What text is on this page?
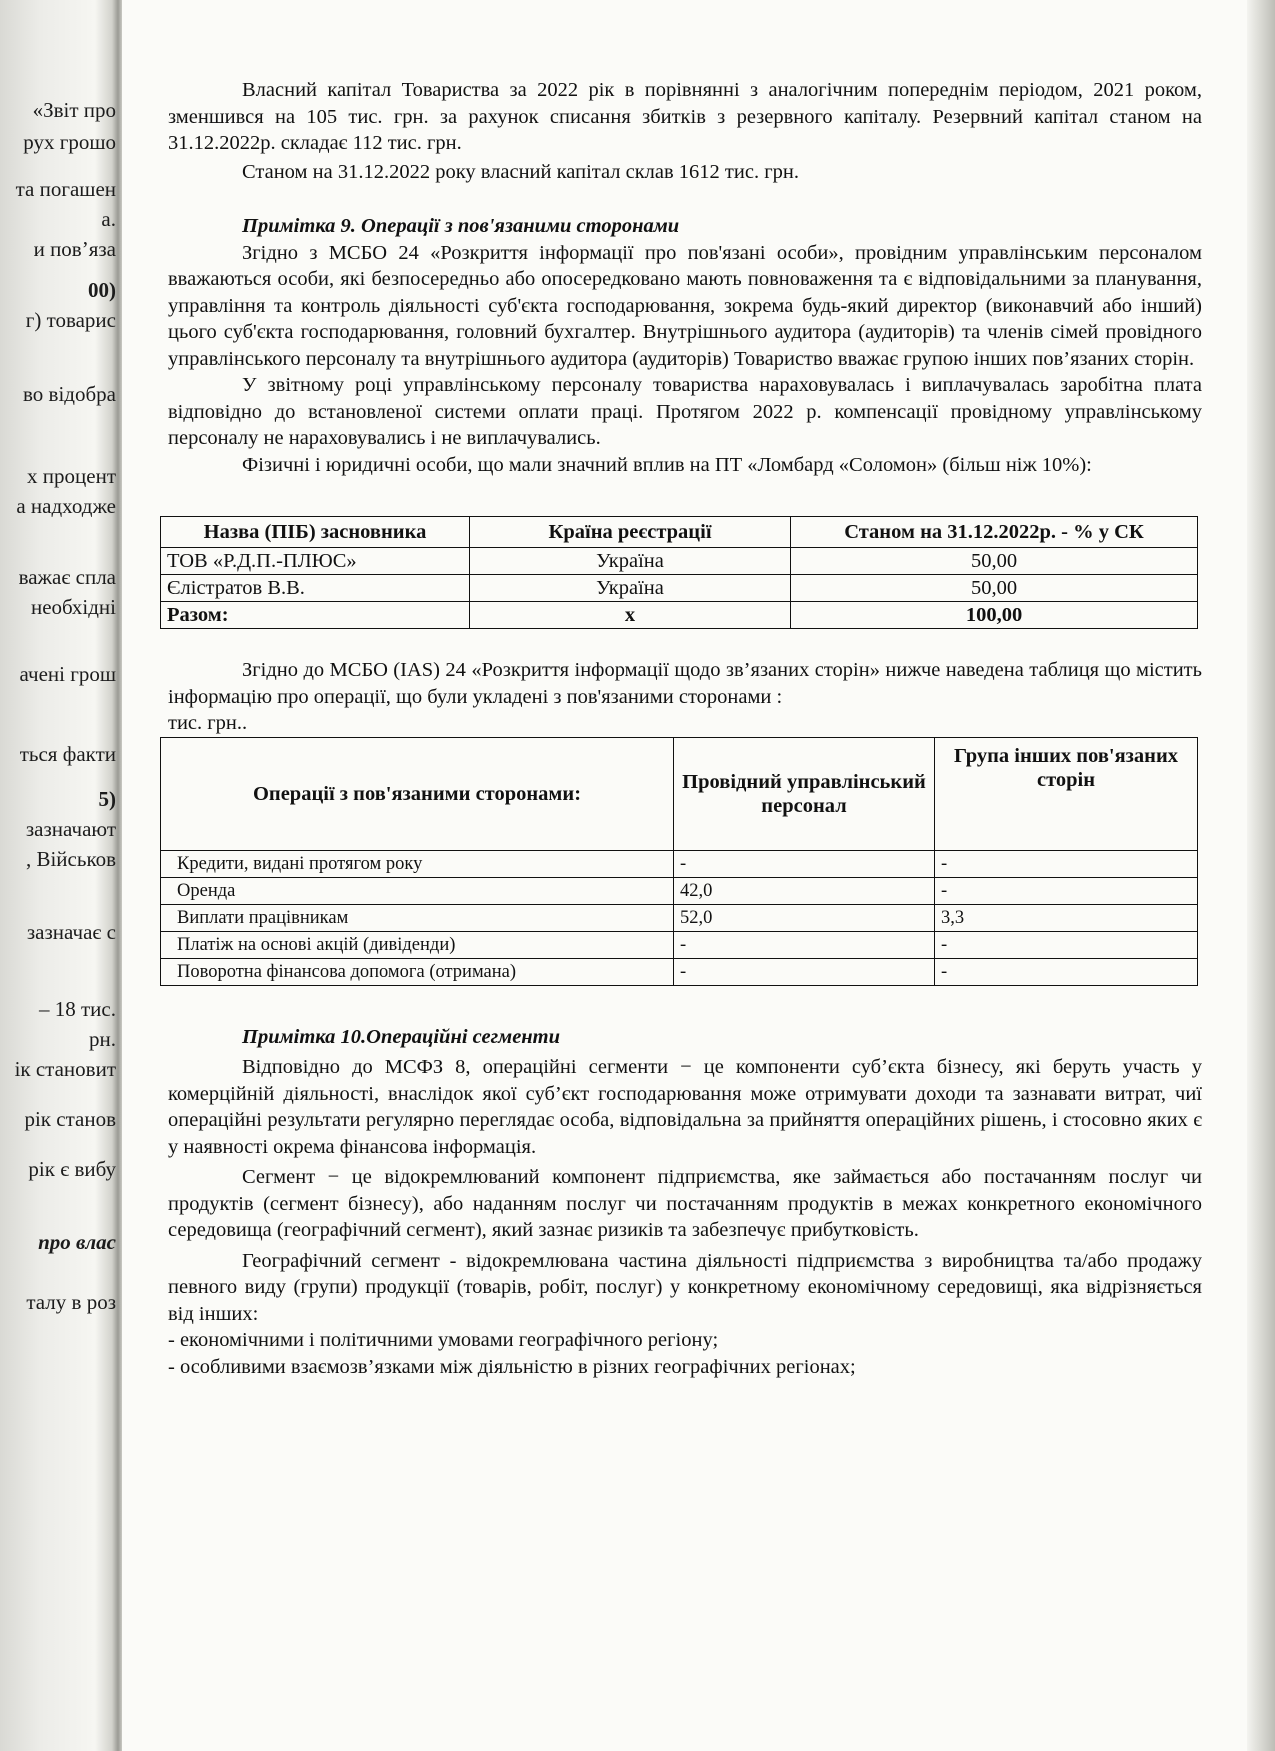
«Звіт про
рух грошо
та погашен
а.
и пов’яза
00)
г) товарис
во відобра
х процент
а надходже
важає спла
необхідні
ачені грош
ться факти
5)
зазначают
, Військов
зазначає с
– 18 тис.
рн.
ік становит
рік станов
рік є вибу
про влас
талу в роз

Власний капітал Товариства за 2022 рік в порівнянні з аналогічним попереднім періодом, 2021 роком, зменшився на 105 тис. грн. за рахунок списання збитків з резервного капіталу. Резервний капітал станом на 31.12.2022р. складає 112 тис. грн.

Станом на 31.12.2022 року власний капітал склав 1612 тис. грн.

Примітка 9. Операції з пов'язаними сторонами

Згідно з МСБО 24 «Розкриття інформації про пов'язані особи», провідним управлінським персоналом вважаються особи, які безпосередньо або опосередковано мають повноваження та є відповідальними за планування, управління та контроль діяльності суб'єкта господарювання, зокрема будь-який директор (виконавчий або інший) цього суб'єкта господарювання, головний бухгалтер. Внутрішнього аудитора (аудиторів) та членів сімей провідного управлінського персоналу та внутрішнього аудитора (аудиторів) Товариство вважає групою інших пов’язаних сторін.

У звітному році управлінському персоналу товариства нараховувалась і виплачувалась заробітна плата відповідно до встановленої системи оплати праці. Протягом 2022 р. компенсації провідному управлінському персоналу не нараховувались і не виплачувались.

Фізичні і юридичні особи, що мали значний вплив на ПТ «Ломбард «Соломон» (більш ніж 10%):

Назва (ПІБ) засновника	Країна реєстрації	Станом на 31.12.2022р. - % у СК
ТОВ «Р.Д.П.-ПЛЮС»	Україна	50,00
Єлістратов В.В.	Україна	50,00
Разом:	x	100,00

Згідно до МСБО (IAS) 24 «Розкриття інформації щодо зв’язаних сторін» нижче наведена таблиця що містить інформацію про операції, що були укладені з пов'язаними сторонами :

тис. грн..

Операції з пов'язаними сторонами:	Провідний управлінський персонал	Група інших пов'язаних сторін
Кредити, видані протягом року	-	-
Оренда	42,0	-
Виплати працівникам	52,0	3,3
Платіж на основі акцій (дивіденди)	-	-
Поворотна фінансова допомога (отримана)	-	-

Примітка 10.Операційні сегменти

Відповідно до МСФЗ 8, операційні сегменти − це компоненти суб’єкта бізнесу, які беруть участь у комерційній діяльності, внаслідок якої суб’єкт господарювання може отримувати доходи та зазнавати витрат, чиї операційні результати регулярно переглядає особа, відповідальна за прийняття операційних рішень, і стосовно яких є у наявності окрема фінансова інформація.

Сегмент − це відокремлюваний компонент підприємства, яке займається або постачанням послуг чи продуктів (сегмент бізнесу), або наданням послуг чи постачанням продуктів в межах конкретного економічного середовища (географічний сегмент), який зазнає ризиків та забезпечує прибутковість.

Географічний сегмент - відокремлювана частина діяльності підприємства з виробництва та/або продажу певного виду (групи) продукції (товарів, робіт, послуг) у конкретному економічному середовищі, яка відрізняється від інших:

- економічними і політичними умовами географічного регіону;

- особливими взаємозв’язками між діяльністю в різних географічних регіонах;
